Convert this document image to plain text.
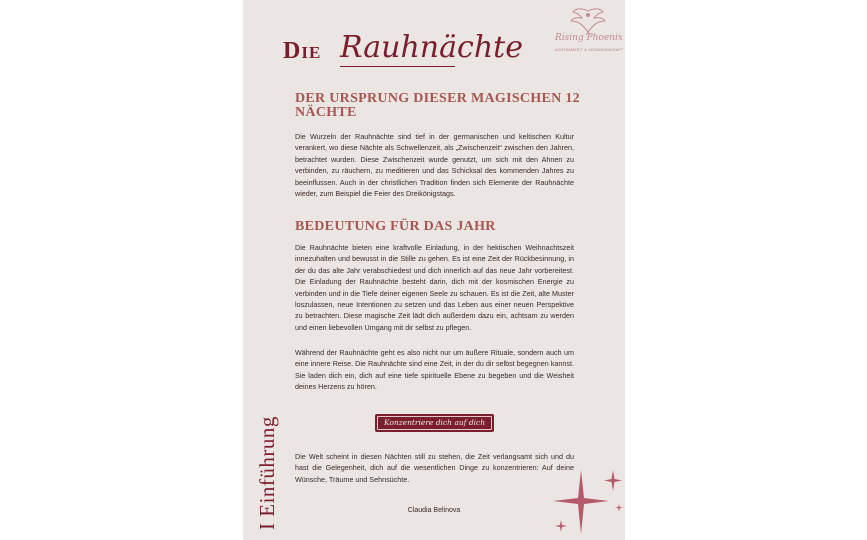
Die Rauhnächte	Rising Phoenix
ACHTSAMKEIT & GEDANKENKRAFT
DER URSPRUNG DIESER MAGISCHEN 12 NÄCHTE
Die Wurzeln der Rauhnächte sind tief in der germanischen und keltischen Kultur verankert, wo diese Nächte als Schwellenzeit, als „Zwischenzeit“ zwischen den Jahren, betrachtet wurden. Diese Zwischenzeit wurde genutzt, um sich mit den Ahnen zu verbinden, zu räuchern, zu meditieren und das Schicksal des kommenden Jahres zu beeinflussen. Auch in der christlichen Tradition finden sich Elemente der Rauhnächte wieder, zum Beispiel die Feier des Dreikönigstags.
BEDEUTUNG FÜR DAS JAHR
Die Rauhnächte bieten eine kraftvolle Einladung, in der hektischen Weihnachtszeit innezuhalten und bewusst in die Stille zu gehen. Es ist eine Zeit der Rückbesinnung, in der du das alte Jahr verabschiedest und dich innerlich auf das neue Jahr vorbereitest. Die Einladung der Rauhnächte besteht darin, dich mit der kosmischen Energie zu verbinden und in die Tiefe deiner eigenen Seele zu schauen. Es ist die Zeit, alte Muster loszulassen, neue Intentionen zu setzen und das Leben aus einer neuen Perspektive zu betrachten. Diese magische Zeit lädt dich außerdem dazu ein, achtsam zu werden und einen liebevollen Umgang mit dir selbst zu pflegen.
Während der Rauhnächte geht es also nicht nur um äußere Rituale, sondern auch um eine innere Reise. Die Rauhnächte sind eine Zeit, in der du dir selbst begegnen kannst. Sie laden dich ein, dich auf eine tiefe spirituelle Ebene zu begeben und die Weisheit deines Herzens zu hören.
Konzentriere dich auf dich
Die Welt scheint in diesen Nächten still zu stehen, die Zeit verlangsamt sich und du hast die Gelegenheit, dich auf die wesentlichen Dinge zu konzentrieren: Auf deine Wünsche, Träume und Sehnsüchte.
Claudia Belinova
I Einführung
